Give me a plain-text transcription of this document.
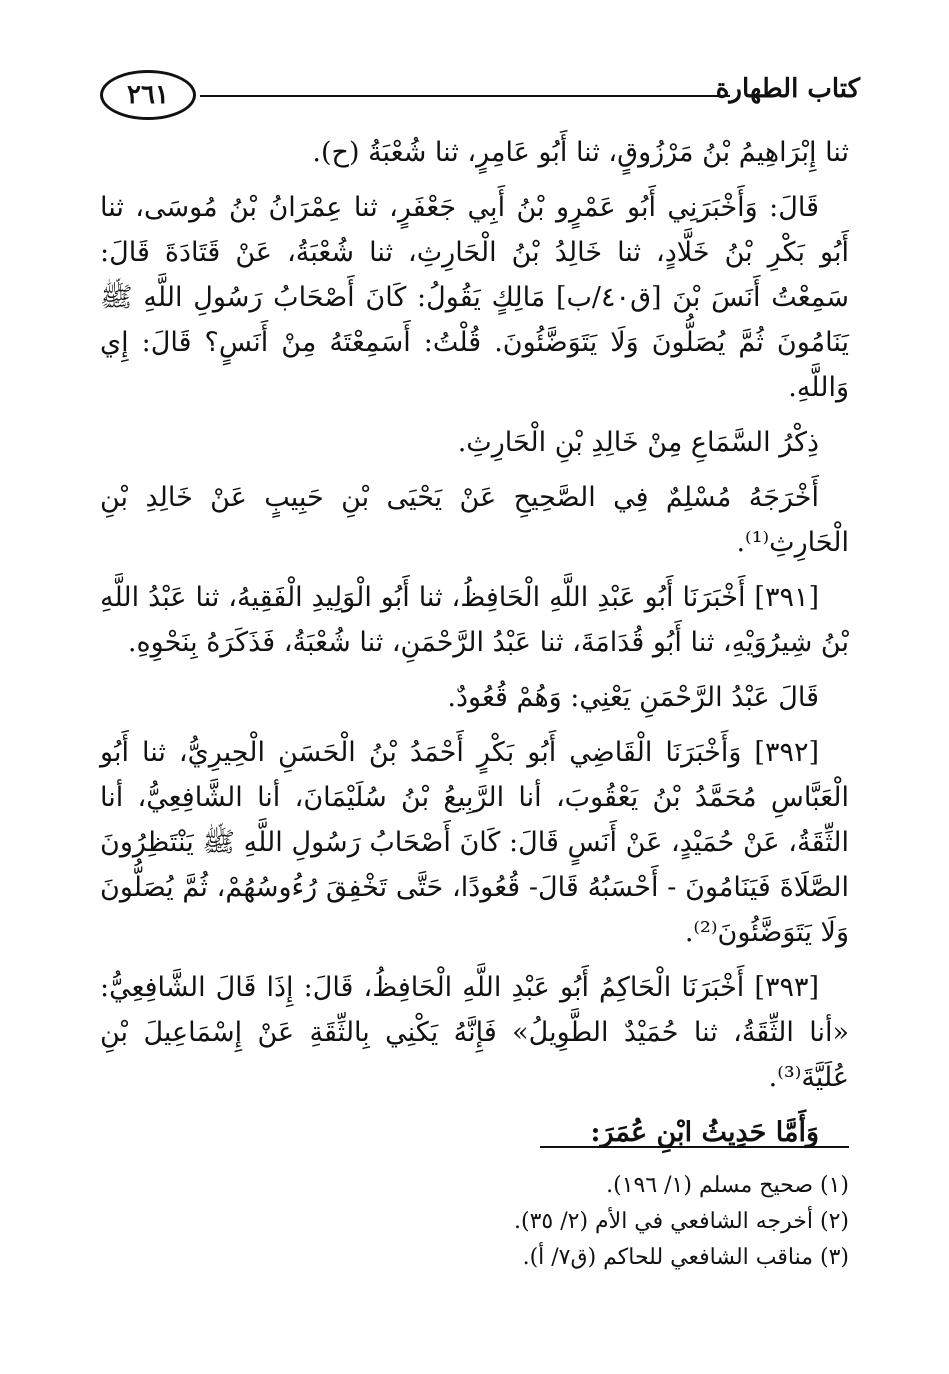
٢٦١	كتاب الطهارة

ثنا إِبْرَاهِيمُ بْنُ مَرْزُوقٍ، ثنا أَبُو عَامِرٍ، ثنا شُعْبَةُ (ح).

قَالَ: وَأَخْبَرَنِي أَبُو عَمْرٍو بْنُ أَبِي جَعْفَرٍ، ثنا عِمْرَانُ بْنُ مُوسَى، ثنا أَبُو بَكْرِ بْنُ خَلَّادٍ، ثنا خَالِدُ بْنُ الْحَارِثِ، ثنا شُعْبَةُ، عَنْ قَتَادَةَ قَالَ: سَمِعْتُ أَنَسَ بْنَ [ق٤٠/ب] مَالِكٍ يَقُولُ: كَانَ أَصْحَابُ رَسُولِ اللَّهِ ﷺ يَنَامُونَ ثُمَّ يُصَلُّونَ وَلَا يَتَوَضَّئُونَ. قُلْتُ: أَسَمِعْتَهُ مِنْ أَنَسٍ؟ قَالَ: إِي وَاللَّهِ.

ذِكْرُ السَّمَاعِ مِنْ خَالِدِ بْنِ الْحَارِثِ.

أَخْرَجَهُ مُسْلِمٌ فِي الصَّحِيحِ عَنْ يَحْيَى بْنِ حَبِيبٍ عَنْ خَالِدِ بْنِ الْحَارِثِ⁽¹⁾.

[٣٩١] أَخْبَرَنَا أَبُو عَبْدِ اللَّهِ الْحَافِظُ، ثنا أَبُو الْوَلِيدِ الْفَقِيهُ، ثنا عَبْدُ اللَّهِ بْنُ شِيرُوَيْهِ، ثنا أَبُو قُدَامَةَ، ثنا عَبْدُ الرَّحْمَنِ، ثنا شُعْبَةُ، فَذَكَرَهُ بِنَحْوِهِ.

قَالَ عَبْدُ الرَّحْمَنِ يَعْنِي: وَهُمْ قُعُودٌ.

[٣٩٢] وَأَخْبَرَنَا الْقَاضِي أَبُو بَكْرٍ أَحْمَدُ بْنُ الْحَسَنِ الْحِيرِيُّ، ثنا أَبُو الْعَبَّاسِ مُحَمَّدُ بْنُ يَعْقُوبَ، أنا الرَّبِيعُ بْنُ سُلَيْمَانَ، أنا الشَّافِعِيُّ، أنا الثِّقَةُ، عَنْ حُمَيْدٍ، عَنْ أَنَسٍ قَالَ: كَانَ أَصْحَابُ رَسُولِ اللَّهِ ﷺ يَنْتَظِرُونَ الصَّلَاةَ فَيَنَامُونَ - أَحْسَبُهُ قَالَ- قُعُودًا، حَتَّى تَخْفِقَ رُءُوسُهُمْ، ثُمَّ يُصَلُّونَ وَلَا يَتَوَضَّئُونَ⁽²⁾.

[٣٩٣] أَخْبَرَنَا الْحَاكِمُ أَبُو عَبْدِ اللَّهِ الْحَافِظُ، قَالَ: إِذَا قَالَ الشَّافِعِيُّ: «أنا الثِّقَةُ، ثنا حُمَيْدٌ الطَّوِيلُ» فَإِنَّهُ يَكْنِي بِالثِّقَةِ عَنْ إِسْمَاعِيلَ بْنِ عُلَيَّةَ⁽³⁾.

وَأَمَّا حَدِيثُ ابْنِ عُمَرَ:

(١) صحيح مسلم (١/ ١٩٦).
(٢) أخرجه الشافعي في الأم (٢/ ٣٥).
(٣) مناقب الشافعي للحاكم (ق٧/ أ).
